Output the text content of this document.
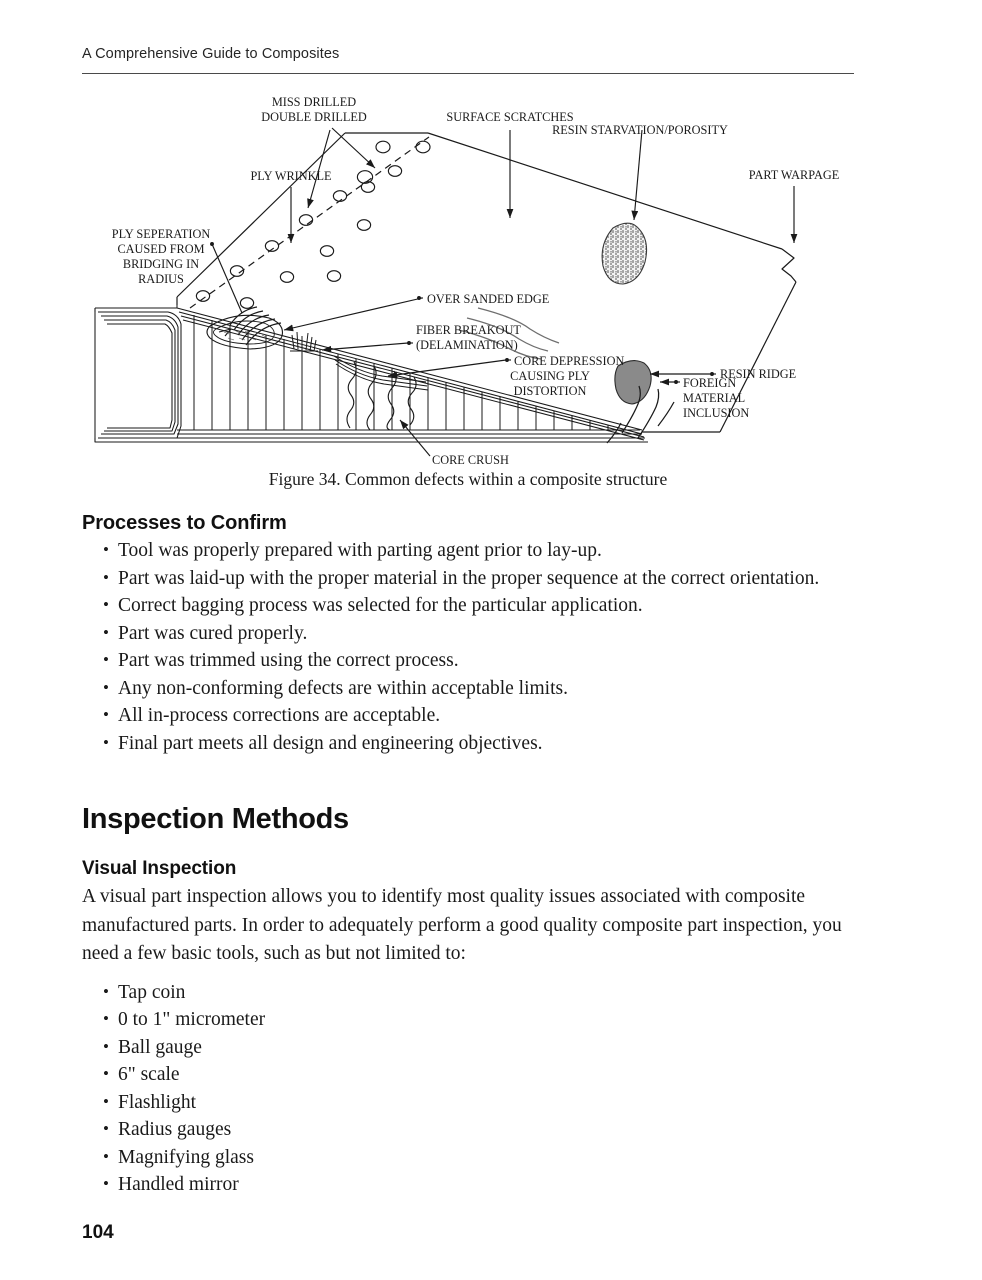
A Comprehensive Guide to Composites
MISS DRILLED
DOUBLE DRILLED	SURFACE SCRATCHES
RESIN STARVATION/POROSITY
PART WARPAGE
PLY WRINKLE
PLY SEPERATION
CAUSED FROM
BRIDGING IN
RADIUS
OVER SANDED EDGE
FIBER BREAKOUT
(DELAMINATION)
CORE DEPRESSION
CAUSING PLY
DISTORTION
FOREIGN
MATERIAL
INCLUSION
RESIN RIDGE
CORE CRUSH
Figure 34. Common defects within a composite structure
Processes to Confirm
• Tool was properly prepared with parting agent prior to lay-up.
• Part was laid-up with the proper material in the proper sequence at the correct orientation.
• Correct bagging process was selected for the particular application.
• Part was cured properly.
• Part was trimmed using the correct process.
• Any non-conforming defects are within acceptable limits.
• All in-process corrections are acceptable.
• Final part meets all design and engineering objectives.
Inspection Methods
Visual Inspection

A visual part inspection allows you to identify most quality issues associated with composite manufactured parts. In order to adequately perform a good quality composite part inspection, you need a few basic tools, such as but not limited to:

• Tap coin
• 0 to 1" micrometer
• Ball gauge
• 6" scale
• Flashlight
• Radius gauges
• Magnifying glass
• Handled mirror
104
